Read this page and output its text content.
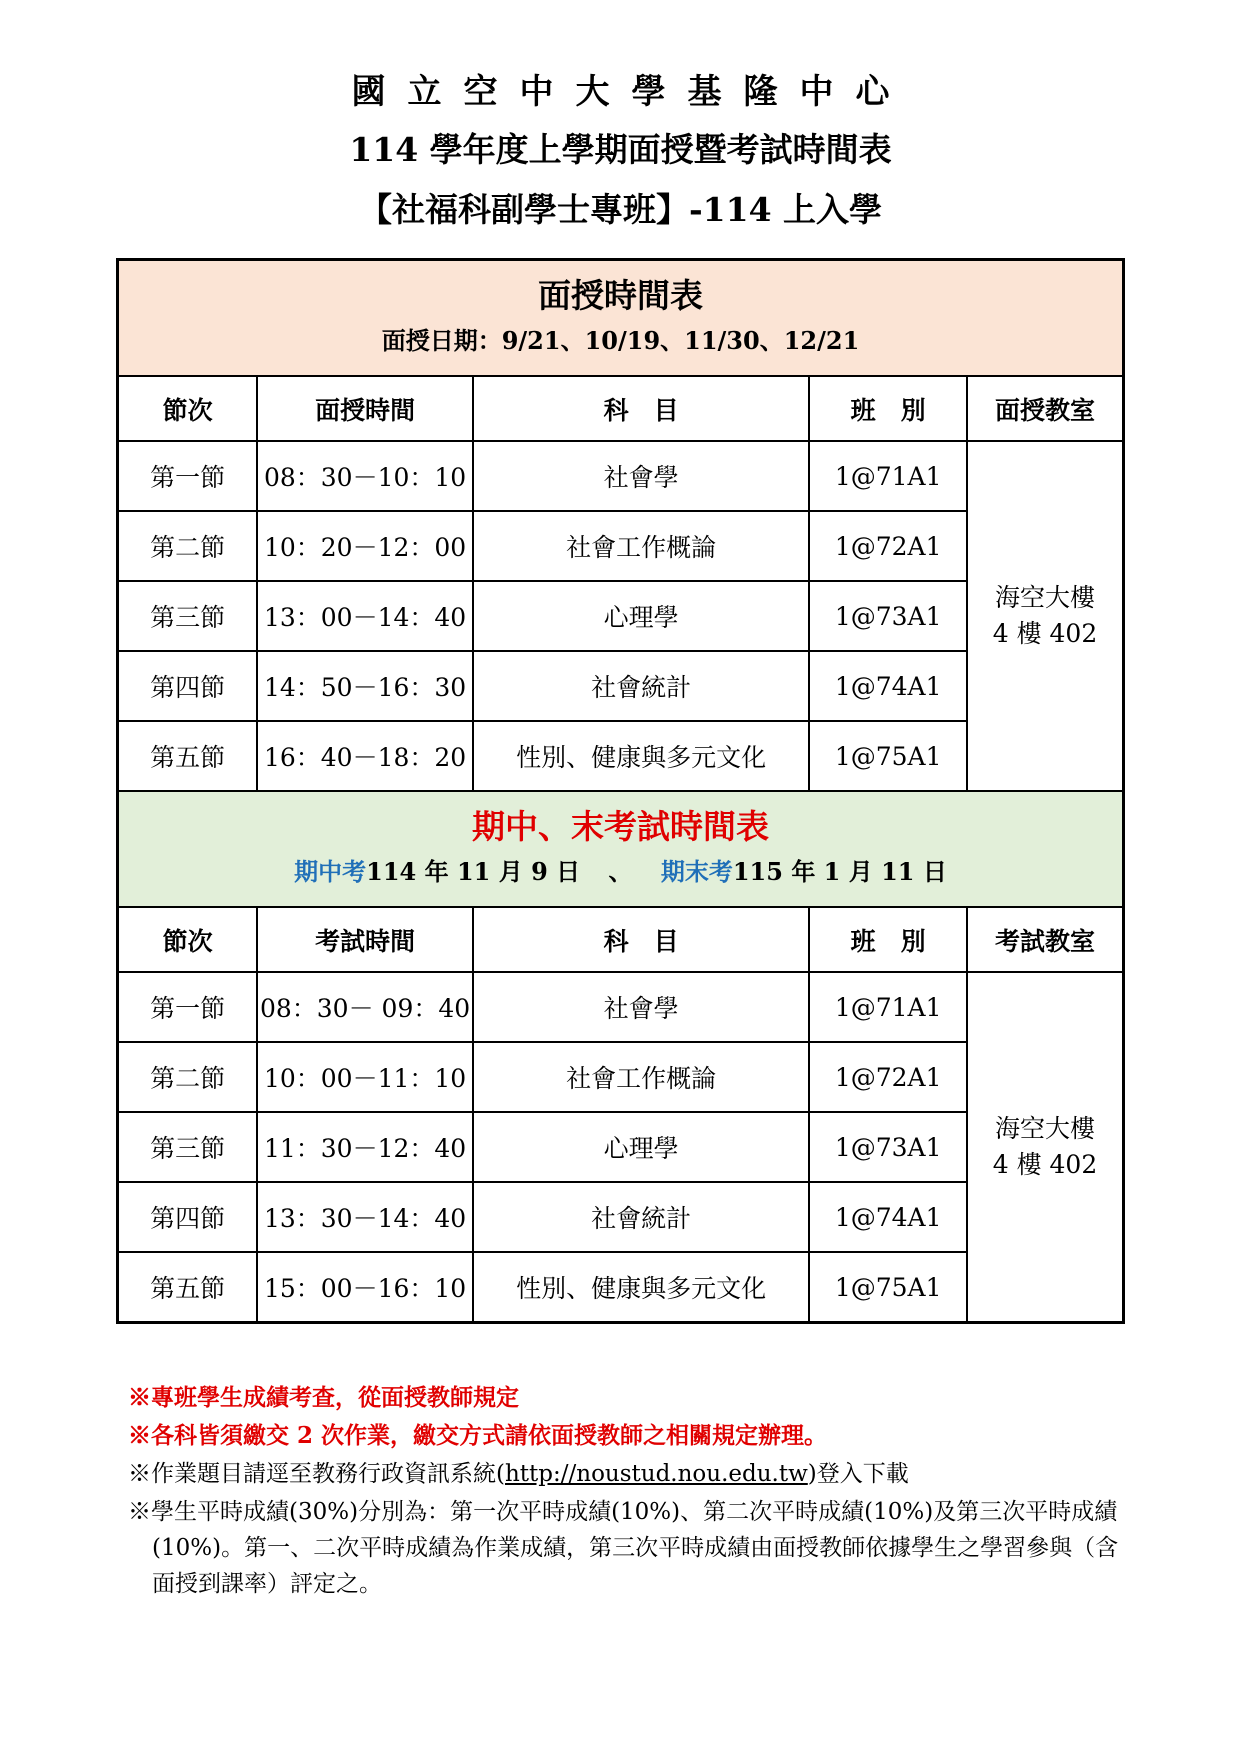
國立空中大學基隆中心
114 學年度上學期面授暨考試時間表
【社福科副學士專班】-114 上入學
面授時間表
面授日期：9/21、10/19、11/30、12/21				

節次	面授時間	科　目	班　別	面授教室
第一節	08：30－10：10	社會學	1@71A1	海空大樓
4 樓 402

第二節	10：20－12：00	社會工作概論	1@72A1	
第三節	13：00－14：40	心理學	1@73A1	
第四節	14：50－16：30	社會統計	1@74A1	
第五節	16：40－18：20	性別、健康與多元文化	1@75A1	

期中、末考試時間表
期中考114 年 11 月 9 日 、 期末考115 年 1 月 11 日				

節次	考試時間	科　目	班　別	考試教室
第一節	08：30－ 09：40	社會學	1@71A1	海空大樓
4 樓 402

第二節	10：00－11：10	社會工作概論	1@72A1	
第三節	11：30－12：40	心理學	1@73A1	
第四節	13：30－14：40	社會統計	1@74A1	
第五節	15：00－16：10	性別、健康與多元文化	1@75A1	

※專班學生成績考查，從面授教師規定

※各科皆須繳交 2 次作業，繳交方式請依面授教師之相關規定辦理。

※作業題目請逕至教務行政資訊系統(http://noustud.nou.edu.tw)登入下載

※學生平時成績(30%)分別為：第一次平時成績(10%)、第二次平時成績(10%)及第三次平時成績(10%)。第一、二次平時成績為作業成績，第三次平時成績由面授教師依據學生之學習參與（含面授到課率）評定之。
